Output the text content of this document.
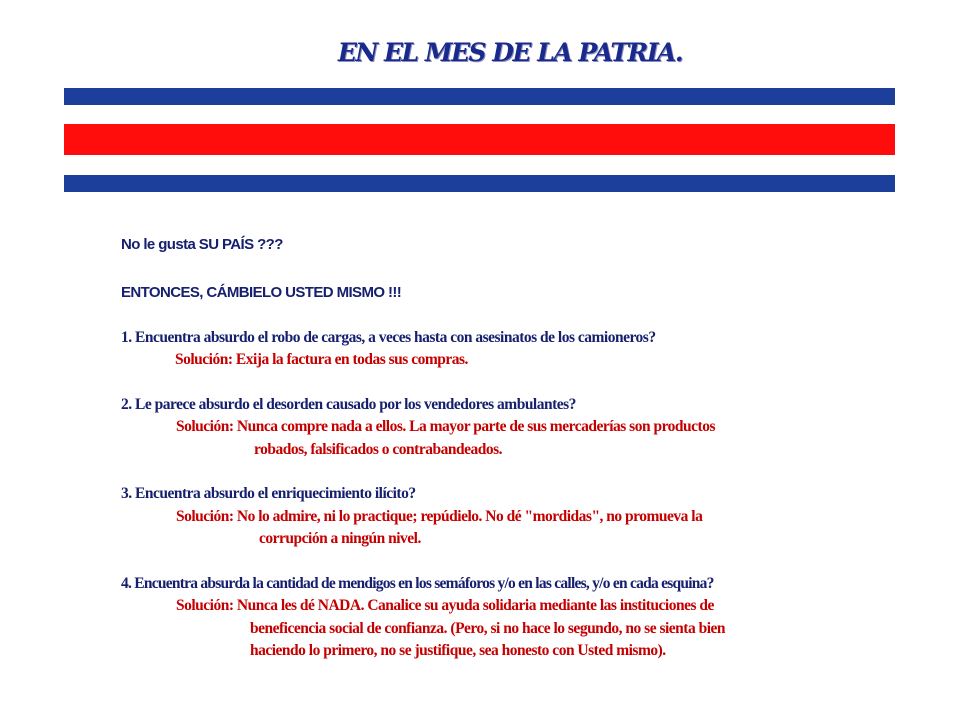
EN EL MES DE LA PATRIA.
No le gusta SU PAÍS ???
ENTONCES, CÁMBIELO USTED MISMO !!!
1. Encuentra absurdo el robo de cargas, a veces hasta con asesinatos de los camioneros?
Solución: Exija la factura en todas sus compras.
2. Le parece absurdo el desorden causado por los vendedores ambulantes?
Solución: Nunca compre nada a ellos. La mayor parte de sus mercaderías son productos
robados, falsificados o contrabandeados.
3. Encuentra absurdo el enriquecimiento ilícito?
Solución: No lo admire, ni lo practique; repúdielo. No dé "mordidas", no promueva la
corrupción a ningún nivel.
4. Encuentra absurda la cantidad de mendigos en los semáforos y/o en las calles, y/o en cada esquina?
Solución: Nunca les dé NADA. Canalice su ayuda solidaria mediante las instituciones de
beneficencia social de confianza. (Pero, si no hace lo segundo, no se sienta bien
haciendo lo primero, no se justifique, sea honesto con Usted mismo).
